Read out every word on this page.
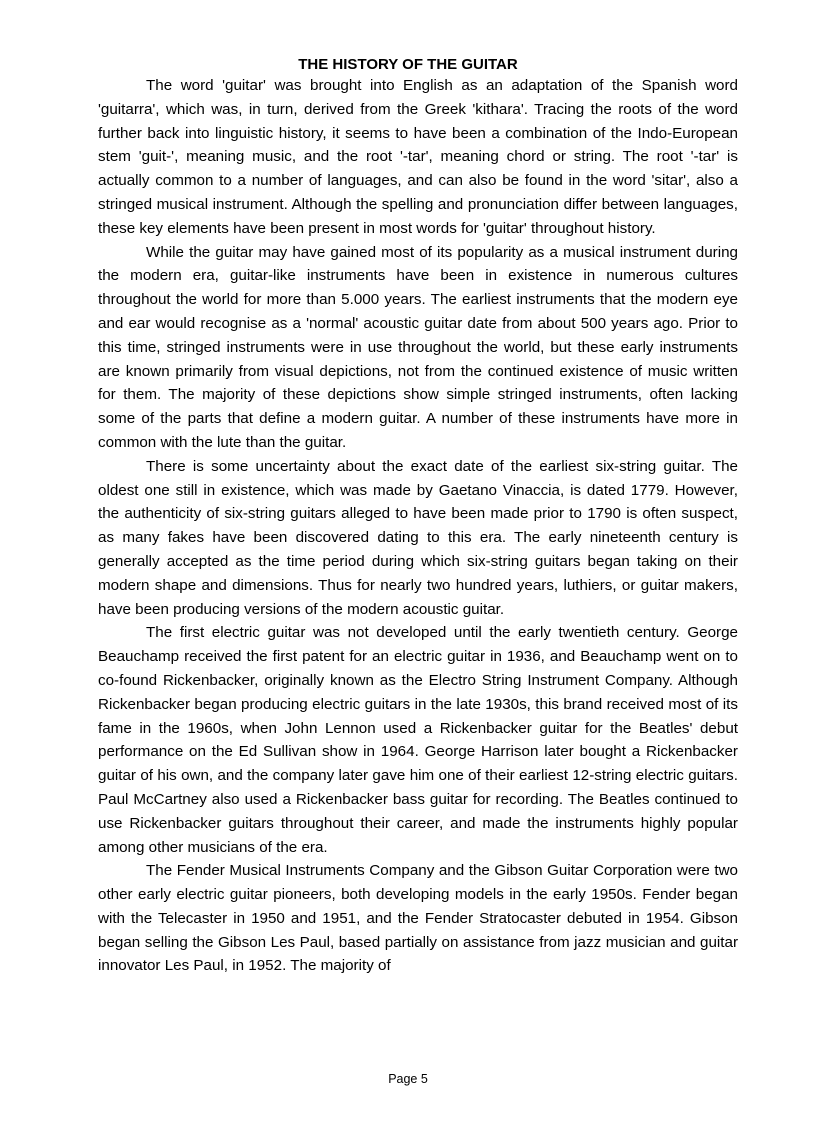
THE HISTORY OF THE GUITAR

The word 'guitar' was brought into English as an adaptation of the Spanish word 'guitarra', which was, in turn, derived from the Greek 'kithara'. Tracing the roots of the word further back into linguistic history, it seems to have been a combination of the Indo-European stem 'guit-', meaning music, and the root '-tar', meaning chord or string. The root '-tar' is actually common to a number of languages, and can also be found in the word 'sitar', also a stringed musical instrument. Although the spelling and pronunciation differ between languages, these key elements have been present in most words for 'guitar' throughout history.

While the guitar may have gained most of its popularity as a musical instrument during the modern era, guitar-like instruments have been in existence in numerous cultures throughout the world for more than 5.000 years. The earliest instruments that the modern eye and ear would recognise as a 'normal' acoustic guitar date from about 500 years ago. Prior to this time, stringed instruments were in use throughout the world, but these early instruments are known primarily from visual depictions, not from the continued existence of music written for them. The majority of these depictions show simple stringed instruments, often lacking some of the parts that define a modern guitar. A number of these instruments have more in common with the lute than the guitar.

There is some uncertainty about the exact date of the earliest six-string guitar. The oldest one still in existence, which was made by Gaetano Vinaccia, is dated 1779. However, the authenticity of six-string guitars alleged to have been made prior to 1790 is often suspect, as many fakes have been discovered dating to this era. The early nineteenth century is generally accepted as the time period during which six-string guitars began taking on their modern shape and dimensions. Thus for nearly two hundred years, luthiers, or guitar makers, have been producing versions of the modern acoustic guitar.

The first electric guitar was not developed until the early twentieth century. George Beauchamp received the first patent for an electric guitar in 1936, and Beauchamp went on to co-found Rickenbacker, originally known as the Electro String Instrument Company. Although Rickenbacker began producing electric guitars in the late 1930s, this brand received most of its fame in the 1960s, when John Lennon used a Rickenbacker guitar for the Beatles' debut performance on the Ed Sullivan show in 1964. George Harrison later bought a Rickenbacker guitar of his own, and the company later gave him one of their earliest 12-string electric guitars. Paul McCartney also used a Rickenbacker bass guitar for recording. The Beatles continued to use Rickenbacker guitars throughout their career, and made the instruments highly popular among other musicians of the era.

The Fender Musical Instruments Company and the Gibson Guitar Corporation were two other early electric guitar pioneers, both developing models in the early 1950s. Fender began with the Telecaster in 1950 and 1951, and the Fender Stratocaster debuted in 1954. Gibson began selling the Gibson Les Paul, based partially on assistance from jazz musician and guitar innovator Les Paul, in 1952. The majority of

Page 5
